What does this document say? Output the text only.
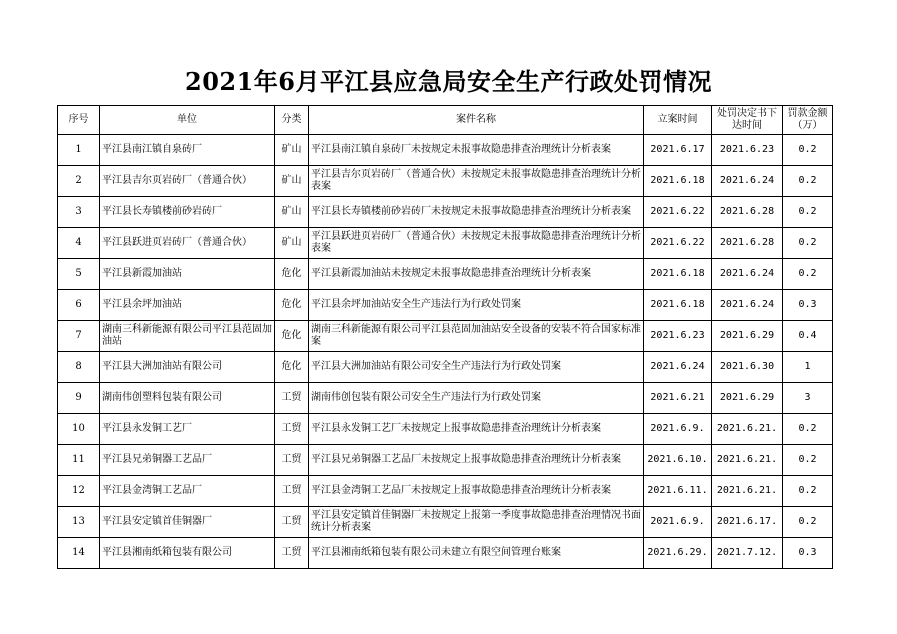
2021年6月平江县应急局安全生产行政处罚情况
序号	单位	分类	案件名称	立案时间	处罚决定书下达时间	罚款金额（万）
1	平江县南江镇自泉砖厂	矿山	平江县南江镇自泉砖厂未按规定未报事故隐患排查治理统计分析表案	2021.6.17	2021.6.23	0.2
2	平江县吉尔页岩砖厂（普通合伙）	矿山	平江县吉尔页岩砖厂（普通合伙）未按规定未报事故隐患排查治理统计分析表案	2021.6.18	2021.6.24	0.2
3	平江县长寿镇楼前砂岩砖厂	矿山	平江县长寿镇楼前砂岩砖厂未按规定未报事故隐患排查治理统计分析表案	2021.6.22	2021.6.28	0.2
4	平江县跃进页岩砖厂（普通合伙）	矿山	平江县跃进页岩砖厂（普通合伙）未按规定未报事故隐患排查治理统计分析表案	2021.6.22	2021.6.28	0.2
5	平江县新霞加油站	危化	平江县新霞加油站未按规定未报事故隐患排查治理统计分析表案	2021.6.18	2021.6.24	0.2
6	平江县余坪加油站	危化	平江县余坪加油站安全生产违法行为行政处罚案	2021.6.18	2021.6.24	0.3
7	湖南三科新能源有限公司平江县范固加油站	危化	湖南三科新能源有限公司平江县范固加油站安全设备的安装不符合国家标准案	2021.6.23	2021.6.29	0.4
8	平江县大洲加油站有限公司	危化	平江县大洲加油站有限公司安全生产违法行为行政处罚案	2021.6.24	2021.6.30	1
9	湖南伟创塑料包装有限公司	工贸	湖南伟创包装有限公司安全生产违法行为行政处罚案	2021.6.21	2021.6.29	3
10	平江县永发铜工艺厂	工贸	平江县永发铜工艺厂未按规定上报事故隐患排查治理统计分析表案	2021.6.9.	2021.6.21.	0.2
11	平江县兄弟铜器工艺品厂	工贸	平江县兄弟铜器工艺品厂未按规定上报事故隐患排查治理统计分析表案	2021.6.10.	2021.6.21.	0.2
12	平江县金湾铜工艺品厂	工贸	平江县金湾铜工艺品厂未按规定上报事故隐患排查治理统计分析表案	2021.6.11.	2021.6.21.	0.2
13	平江县安定镇首佳铜器厂	工贸	平江县安定镇首佳铜器厂未按规定上报第一季度事故隐患排查治理情况书面统计分析表案	2021.6.9.	2021.6.17.	0.2
14	平江县湘南纸箱包装有限公司	工贸	平江县湘南纸箱包装有限公司未建立有限空间管理台账案	2021.6.29.	2021.7.12.	0.3
